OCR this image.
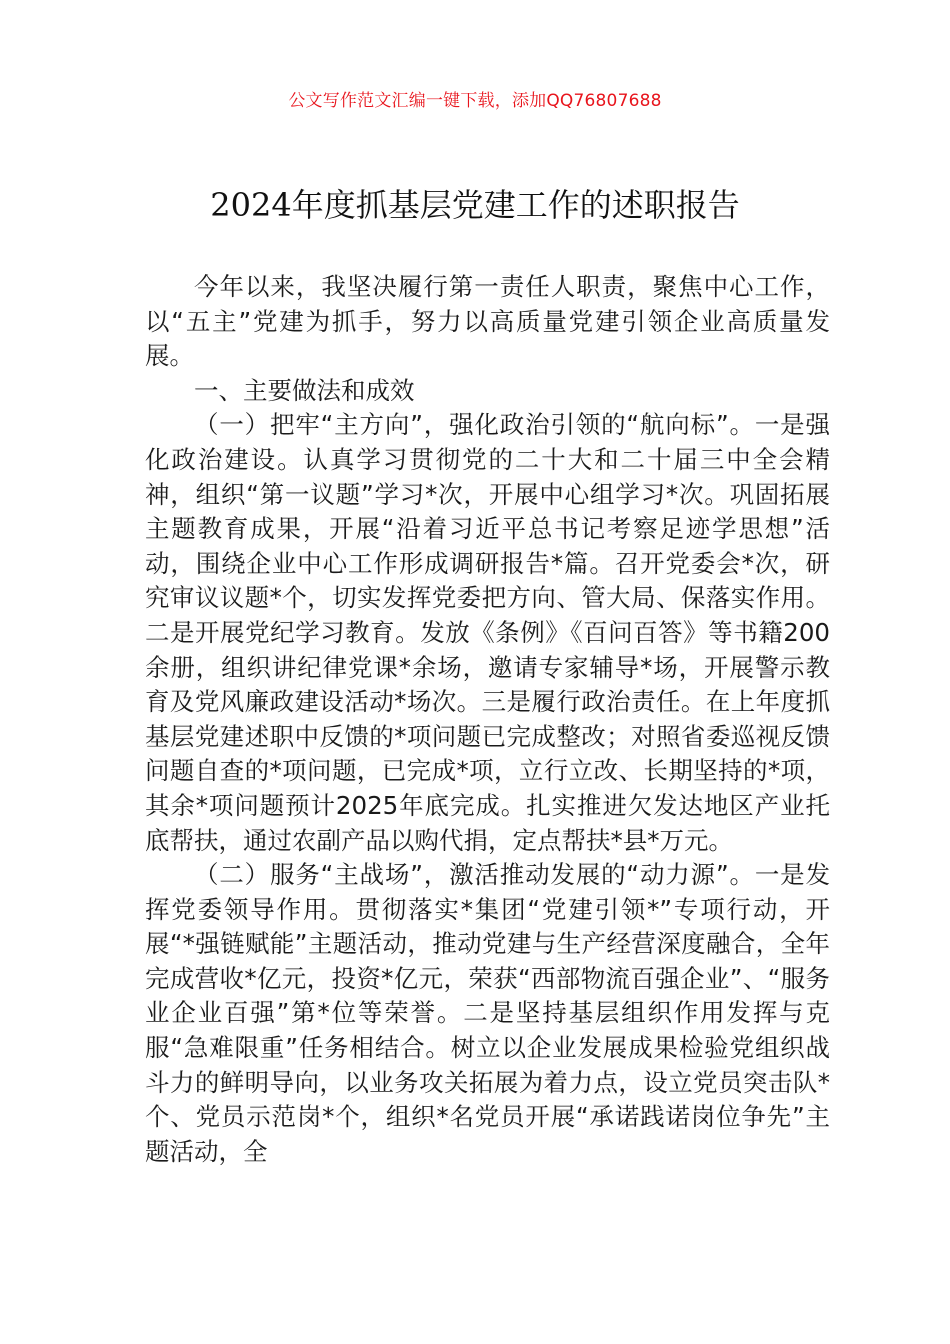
公文写作范文汇编一键下载，添加QQ76807688
2024年度抓基层党建工作的述职报告

今年以来，我坚决履行第一责任人职责，聚焦中心工作，以“五主”党建为抓手，努力以高质量党建引领企业高质量发展。

一、主要做法和成效

（一）把牢“主方向”，强化政治引领的“航向标”。一是强化政治建设。认真学习贯彻党的二十大和二十届三中全会精神，组织“第一议题”学习*次，开展中心组学习*次。巩固拓展主题教育成果，开展“沿着习近平总书记考察足迹学思想”活动，围绕企业中心工作形成调研报告*篇。召开党委会*次，研究审议议题*个，切实发挥党委把方向、管大局、保落实作用。二是开展党纪学习教育。发放《条例》《百问百答》等书籍200余册，组织讲纪律党课*余场，邀请专家辅导*场，开展警示教育及党风廉政建设活动*场次。三是履行政治责任。在上年度抓基层党建述职中反馈的*项问题已完成整改；对照省委巡视反馈问题自查的*项问题，已完成*项，立行立改、长期坚持的*项，其余*项问题预计2025年底完成。扎实推进欠发达地区产业托底帮扶，通过农副产品以购代捐，定点帮扶*县*万元。

（二）服务“主战场”，激活推动发展的“动力源”。一是发挥党委领导作用。贯彻落实*集团“党建引领*”专项行动，开展“*强链赋能”主题活动，推动党建与生产经营深度融合，全年完成营收*亿元，投资*亿元，荣获“西部物流百强企业”、“服务业企业百强”第*位等荣誉。二是坚持基层组织作用发挥与克服“急难限重”任务相结合。树立以企业发展成果检验党组织战斗力的鲜明导向，以业务攻关拓展为着力点，设立党员突击队*个、党员示范岗*个，组织*名党员开展“承诺践诺岗位争先”主题活动，全
